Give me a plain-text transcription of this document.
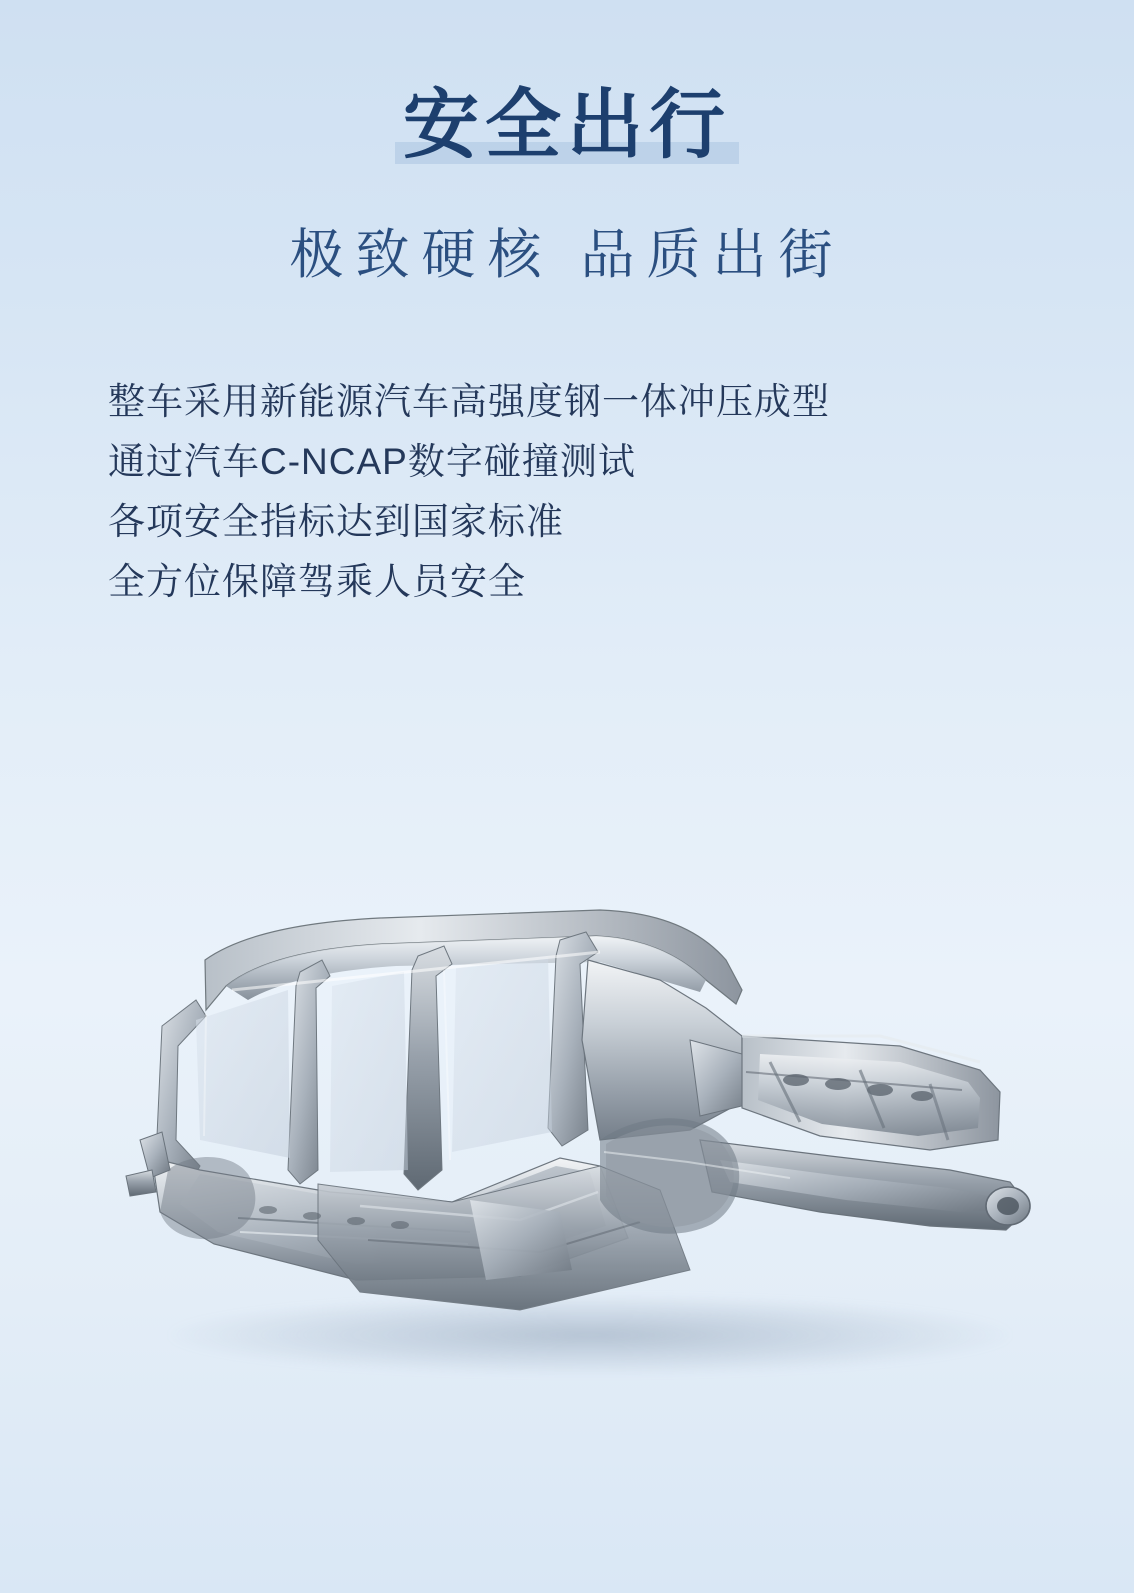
安全出行
极致硬核 品质出街
整车采用新能源汽车高强度钢一体冲压成型
通过汽车C-NCAP数字碰撞测试
各项安全指标达到国家标准
全方位保障驾乘人员安全
